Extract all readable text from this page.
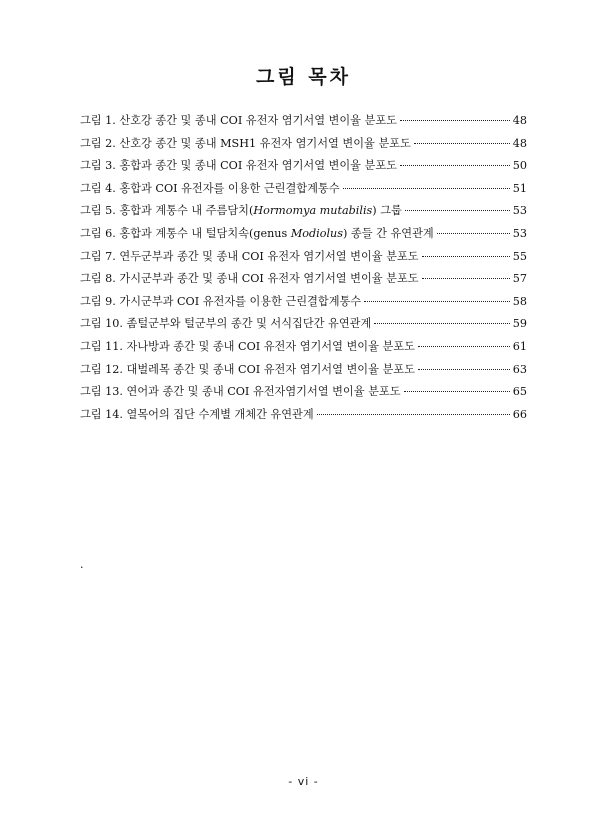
그림 목차
그림 1. 산호강 종간 및 종내 COI 유전자 염기서열 변이율 분포도	48
그림 2. 산호강 종간 및 종내 MSH1 유전자 염기서열 변이율 분포도	48
그림 3. 홍합과 종간 및 종내 COI 유전자 염기서열 변이율 분포도	50
그림 4. 홍합과 COI 유전자를 이용한 근린결합계통수	51
그림 5. 홍합과 계통수 내 주름담치(Hormomya mutabilis) 그룹	53
그림 6. 홍합과 계통수 내 털담치속(genus Modiolus) 종들 간 유연관계	53
그림 7. 연두군부과 종간 및 종내 COI 유전자 염기서열 변이율 분포도	55
그림 8. 가시군부과 종간 및 종내 COI 유전자 염기서열 변이율 분포도	57
그림 9. 가시군부과 COI 유전자를 이용한 근린결합계통수	58
그림 10. 좀털군부와 털군부의 종간 및 서식집단간 유연관계	59
그림 11. 자나방과 종간 및 종내 COI 유전자 염기서열 변이율 분포도	61
그림 12. 대벌레목 종간 및 종내 COI 유전자 염기서열 변이율 분포도	63
그림 13. 연어과 종간 및 종내 COI 유전자염기서열 변이율 분포도	65
그림 14. 열목어의 집단 수계별 개체간 유연관계	66
.
- vi -
